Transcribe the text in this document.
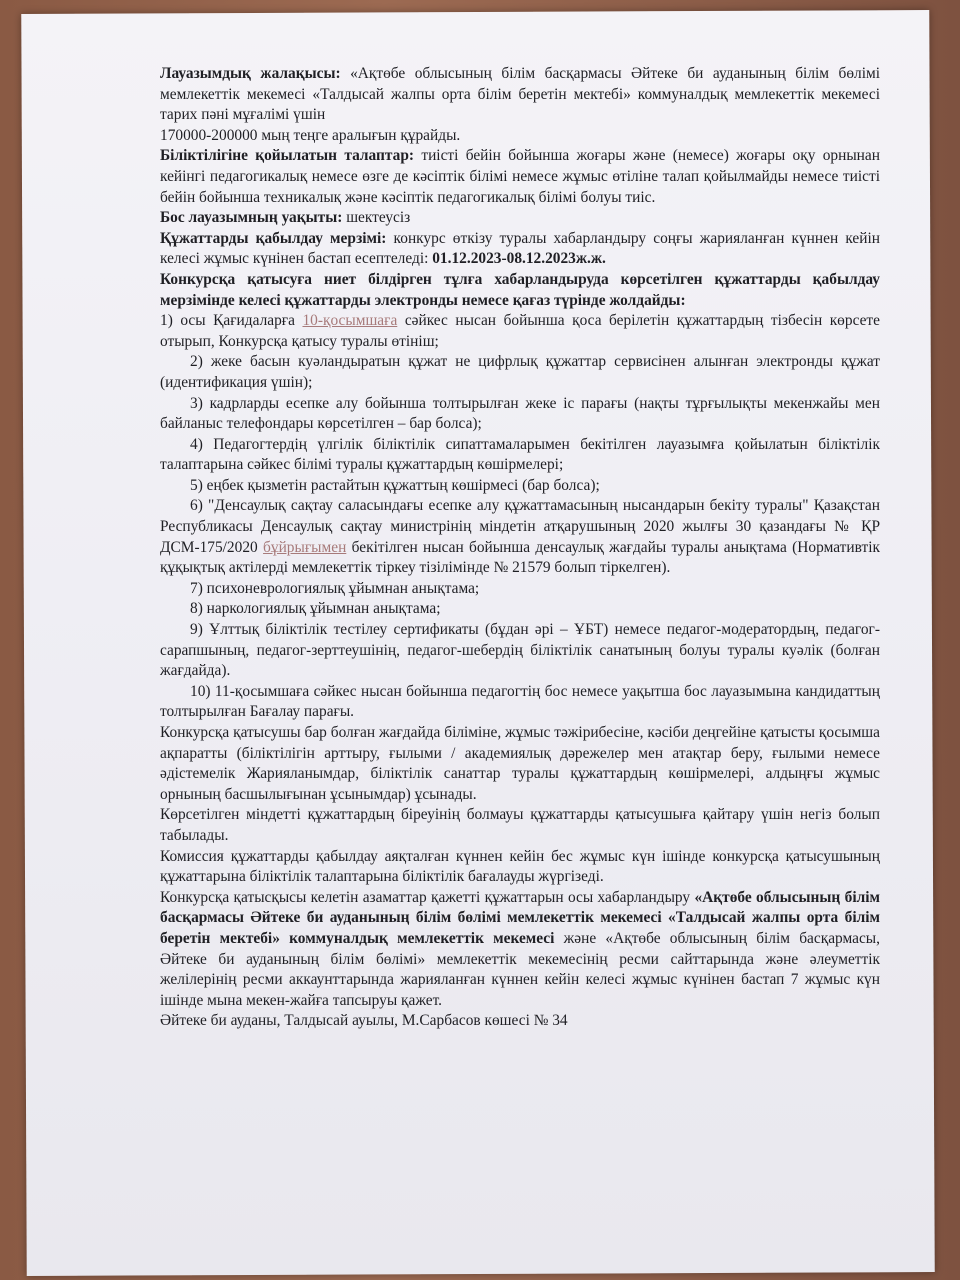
Лауазымдық жалақысы: «Ақтөбе облысының білім басқармасы Әйтеке би ауданының білім бөлімі мемлекеттік мекемесі «Талдысай жалпы орта білім беретін мектебі» коммуналдық мемлекеттік мекемесі тарих пәні мұғалімі үшін
170000-200000 мың теңге аралығын құрайды.

Біліктілігіне қойылатын талаптар: тиісті бейін бойынша жоғары және (немесе) жоғары оқу орнынан кейінгі педагогикалық немесе өзге де кәсіптік білімі немесе жұмыс өтіліне талап қойылмайды немесе тиісті бейін бойынша техникалық және кәсіптік педагогикалық білімі болуы тиіс.

Бос лауазымның уақыты: шектеусіз

Құжаттарды қабылдау мерзімі: конкурс өткізу туралы хабарландыру соңғы жарияланған күннен кейін келесі жұмыс күнінен бастап есептеледі: 01.12.2023-08.12.2023ж.ж.

Конкурсқа қатысуға ниет білдірген тұлға хабарландыруда көрсетілген құжаттарды қабылдау мерзімінде келесі құжаттарды электронды немесе қағаз түрінде жолдайды:

1) осы Қағидаларға 10-қосымшаға сәйкес нысан бойынша қоса берілетін құжаттардың тізбесін көрсете отырып, Конкурсқа қатысу туралы өтініш;

2) жеке басын куәландыратын құжат не цифрлық құжаттар сервисінен алынған электронды құжат (идентификация үшін);

3) кадрларды есепке алу бойынша толтырылған жеке іс парағы (нақты тұрғылықты мекенжайы мен байланыс телефондары көрсетілген – бар болса);

4) Педагогтердің үлгілік біліктілік сипаттамаларымен бекітілген лауазымға қойылатын біліктілік талаптарына сәйкес білімі туралы құжаттардың көшірмелері;

5) еңбек қызметін растайтын құжаттың көшірмесі (бар болса);

6) "Денсаулық сақтау саласындағы есепке алу құжаттамасының нысандарын бекіту туралы" Қазақстан Республикасы Денсаулық сақтау министрінің міндетін атқарушының 2020 жылғы 30 қазандағы № ҚР ДСМ-175/2020 бұйрығымен бекітілген нысан бойынша денсаулық жағдайы туралы анықтама (Нормативтік құқықтық актілерді мемлекеттік тіркеу тізілімінде № 21579 болып тіркелген).

7) психоневрологиялық ұйымнан анықтама;

8) наркологиялық ұйымнан анықтама;

9) Ұлттық біліктілік тестілеу сертификаты (бұдан әрі – ҰБТ) немесе педагог-модератордың, педагог-сарапшының, педагог-зерттеушінің, педагог-шебердің біліктілік санатының болуы туралы куәлік (болған жағдайда).

10) 11-қосымшаға сәйкес нысан бойынша педагогтің бос немесе уақытша бос лауазымына кандидаттың толтырылған Бағалау парағы.

Конкурсқа қатысушы бар болған жағдайда біліміне, жұмыс тәжірибесіне, кәсіби деңгейіне қатысты қосымша ақпаратты (біліктілігін арттыру, ғылыми / академиялық дәрежелер мен атақтар беру, ғылыми немесе әдістемелік Жарияланымдар, біліктілік санаттар туралы құжаттардың көшірмелері, алдыңғы жұмыс орнының басшылығынан ұсынымдар) ұсынады.

Көрсетілген міндетті құжаттардың біреуінің болмауы құжаттарды қатысушыға қайтару үшін негіз болып табылады.

Комиссия құжаттарды қабылдау аяқталған күннен кейін бес жұмыс күн ішінде конкурсқа қатысушының құжаттарына біліктілік талаптарына біліктілік бағалауды жүргізеді.

Конкурсқа қатысқысы келетін азаматтар қажетті құжаттарын осы хабарландыру «Ақтөбе облысының білім басқармасы Әйтеке би ауданының білім бөлімі мемлекеттік мекемесі «Талдысай жалпы орта білім беретін мектебі» коммуналдық мемлекеттік мекемесі және «Ақтөбе облысының білім басқармасы, Әйтеке би ауданының білім бөлімі» мемлекеттік мекемесінің ресми сайттарында және әлеуметтік желілерінің ресми аккаунттарында жарияланған күннен кейін келесі жұмыс күнінен бастап 7 жұмыс күн ішінде мына мекен-жайға тапсыруы қажет.

Әйтеке би ауданы, Талдысай ауылы, М.Сарбасов көшесі № 34
